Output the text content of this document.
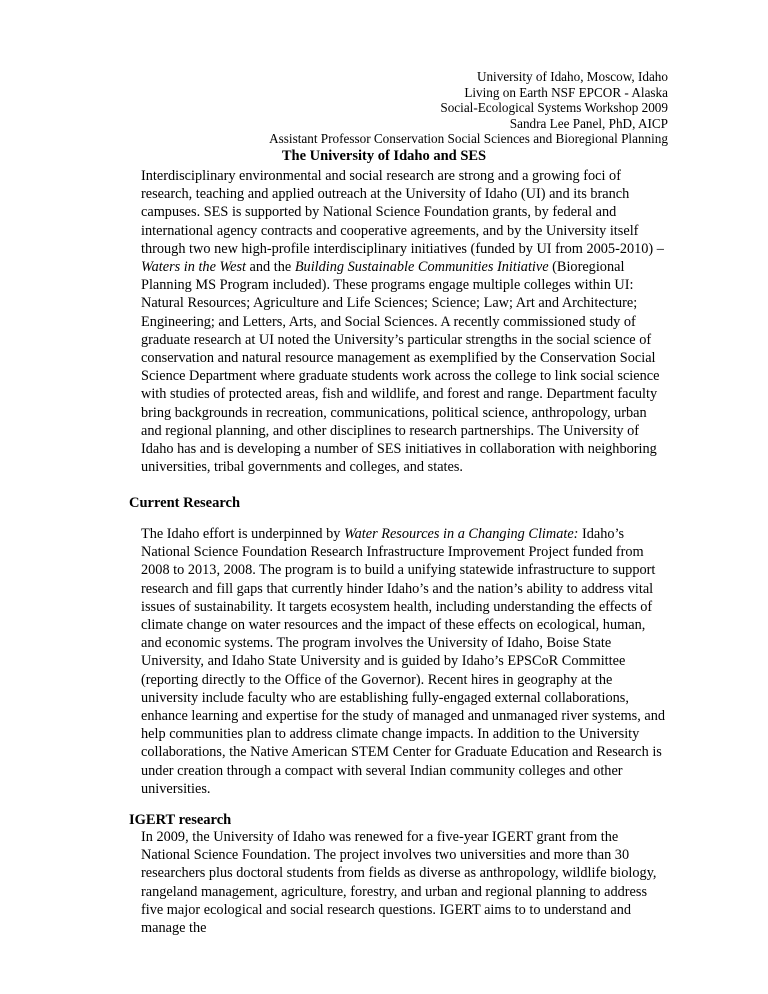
University of Idaho, Moscow, Idaho
Living on Earth NSF EPCOR - Alaska
Social-Ecological Systems Workshop 2009
Sandra Lee Panel, PhD, AICP
Assistant Professor Conservation Social Sciences and Bioregional Planning
The University of Idaho and SES

Interdisciplinary environmental and social research are strong and a growing foci of research, teaching and applied outreach at the University of Idaho (UI) and its branch campuses. SES is supported by National Science Foundation grants, by federal and international agency contracts and cooperative agreements, and by the University itself through two new high-profile interdisciplinary initiatives (funded by UI from 2005-2010) – Waters in the West and the Building Sustainable Communities Initiative (Bioregional Planning MS Program included). These programs engage multiple colleges within UI: Natural Resources; Agriculture and Life Sciences; Science; Law; Art and Architecture; Engineering; and Letters, Arts, and Social Sciences. A recently commissioned study of graduate research at UI noted the University’s particular strengths in the social science of conservation and natural resource management as exemplified by the Conservation Social Science Department where graduate students work across the college to link social science with studies of protected areas, fish and wildlife, and forest and range. Department faculty bring backgrounds in recreation, communications, political science, anthropology, urban and regional planning, and other disciplines to research partnerships. The University of Idaho has and is developing a number of SES initiatives in collaboration with neighboring universities, tribal governments and colleges, and states.

Current Research

The Idaho effort is underpinned by Water Resources in a Changing Climate: Idaho’s National Science Foundation Research Infrastructure Improvement Project funded from 2008 to 2013, 2008. The program is to build a unifying statewide infrastructure to support research and fill gaps that currently hinder Idaho’s and the nation’s ability to address vital issues of sustainability. It targets ecosystem health, including understanding the effects of climate change on water resources and the impact of these effects on ecological, human, and economic systems. The program involves the University of Idaho, Boise State University, and Idaho State University and is guided by Idaho’s EPSCoR Committee (reporting directly to the Office of the Governor). Recent hires in geography at the university include faculty who are establishing fully-engaged external collaborations, enhance learning and expertise for the study of managed and unmanaged river systems, and help communities plan to address climate change impacts. In addition to the University collaborations, the Native American STEM Center for Graduate Education and Research is under creation through a compact with several Indian community colleges and other universities.

IGERT research

In 2009, the University of Idaho was renewed for a five-year IGERT grant from the National Science Foundation. The project involves two universities and more than 30 researchers plus doctoral students from fields as diverse as anthropology, wildlife biology, rangeland management, agriculture, forestry, and urban and regional planning to address five major ecological and social research questions. IGERT aims to to understand and manage the
